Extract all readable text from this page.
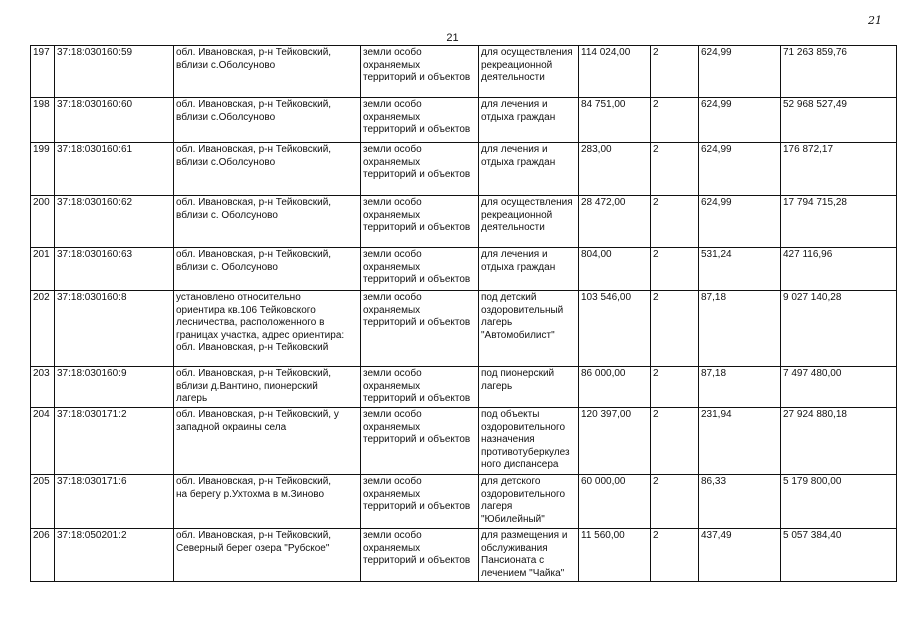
21
21
197	37:18:030160:59	обл. Ивановская, р-н Тейковский,
вблизи с.Оболсуново	земли особо
охраняемых
территорий и объектов	для осуществления
рекреационной
деятельности	114 024,00	2	624,99	71 263 859,76
198	37:18:030160:60	обл. Ивановская, р-н Тейковский,
вблизи с.Оболсуново	земли особо
охраняемых
территорий и объектов	для лечения и
отдыха граждан	84 751,00	2	624,99	52 968 527,49
199	37:18:030160:61	обл. Ивановская, р-н Тейковский,
вблизи с.Оболсуново	земли особо
охраняемых
территорий и объектов	для лечения и
отдыха граждан	283,00	2	624,99	176 872,17
200	37:18:030160:62	обл. Ивановская, р-н Тейковский,
вблизи с. Оболсуново	земли особо
охраняемых
территорий и объектов	для осуществления
рекреационной
деятельности	28 472,00	2	624,99	17 794 715,28
201	37:18:030160:63	обл. Ивановская, р-н Тейковский,
вблизи с. Оболсуново	земли особо
охраняемых
территорий и объектов	для лечения и
отдыха граждан	804,00	2	531,24	427 116,96
202	37:18:030160:8	установлено относительно
ориентира кв.106 Тейковского
лесничества, расположенного в
границах участка, адрес ориентира:
обл. Ивановская, р-н Тейковский	земли особо
охраняемых
территорий и объектов	под детский
оздоровительный
лагерь
"Автомобилист"	103 546,00	2	87,18	9 027 140,28
203	37:18:030160:9	обл. Ивановская, р-н Тейковский,
вблизи д.Вантино, пионерский
лагерь	земли особо
охраняемых
территорий и объектов	под пионерский
лагерь	86 000,00	2	87,18	7 497 480,00
204	37:18:030171:2	обл. Ивановская, р-н Тейковский, у
западной окраины села	земли особо
охраняемых
территорий и объектов	под объекты
оздоровительного
назначения
противотуберкулез
ного диспансера	120 397,00	2	231,94	27 924 880,18
205	37:18:030171:6	обл. Ивановская, р-н Тейковский,
на берегу р.Ухтохма в м.Зиново	земли особо
охраняемых
территорий и объектов	для детского
оздоровительного
лагеря
"Юбилейный"	60 000,00	2	86,33	5 179 800,00
206	37:18:050201:2	обл. Ивановская, р-н Тейковский,
Северный берег озера "Рубское"	земли особо
охраняемых
территорий и объектов	для размещения и
обслуживания
Пансионата с
лечением "Чайка"	11 560,00	2	437,49	5 057 384,40
